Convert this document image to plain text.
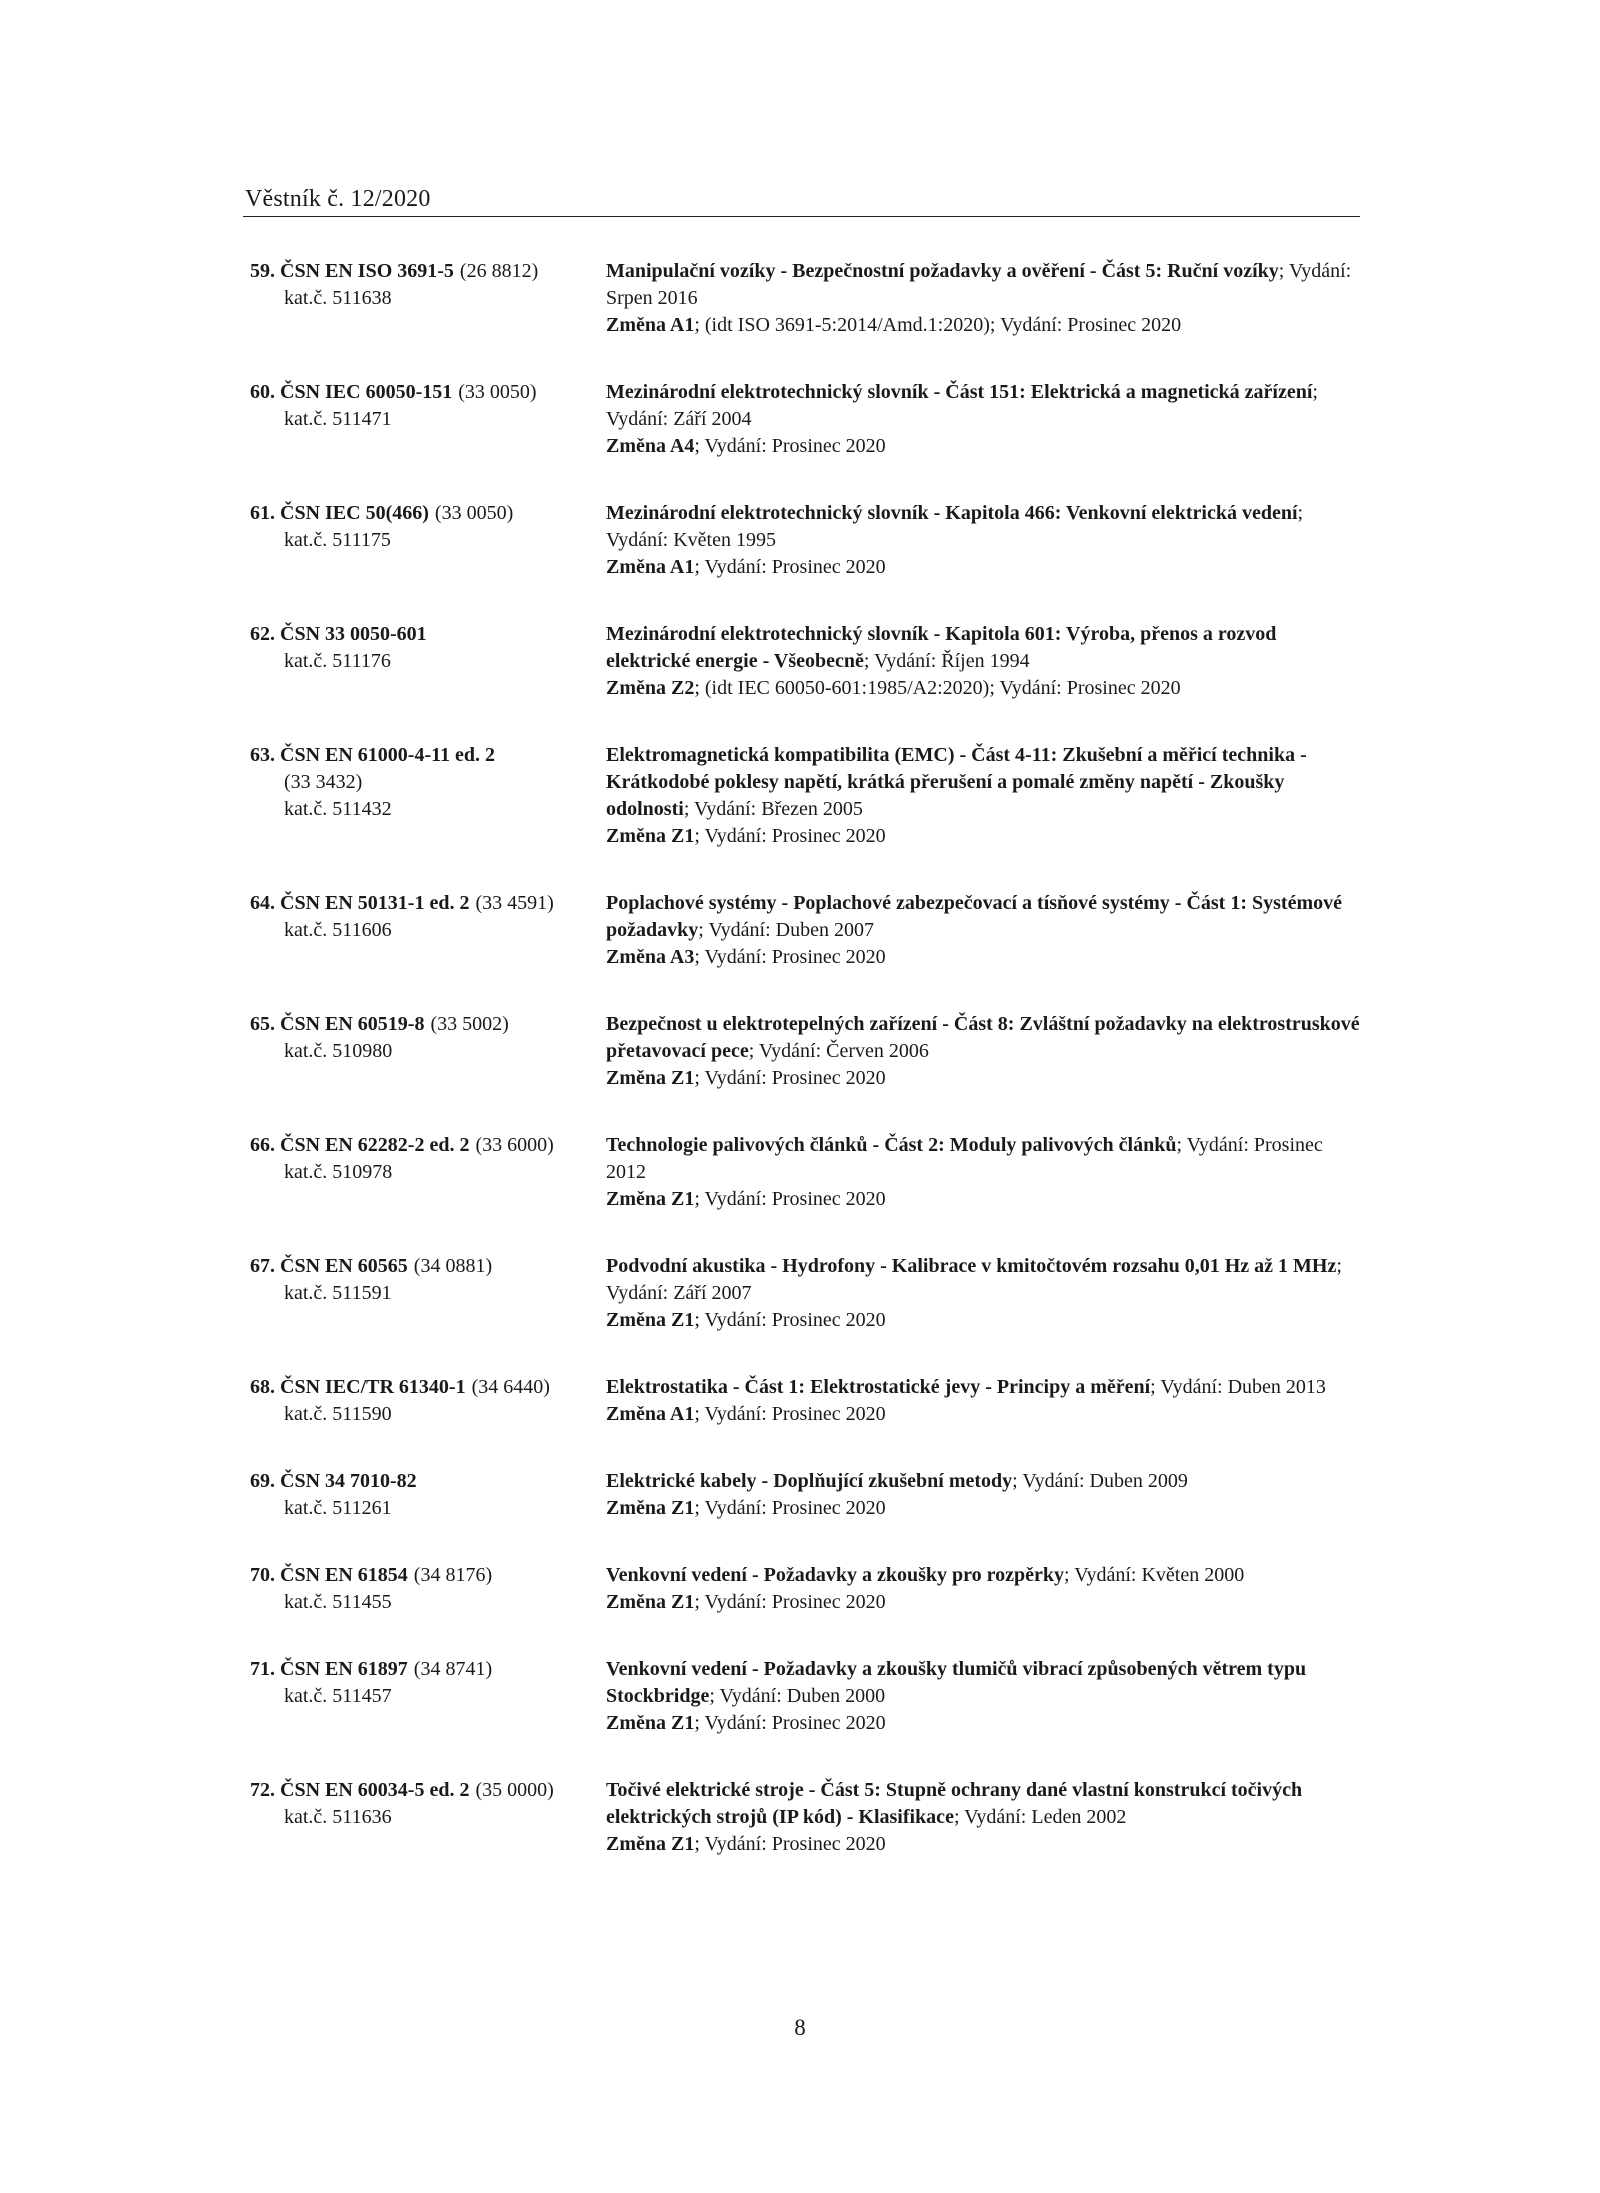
Věstník č. 12/2020
59. ČSN EN ISO 3691-5 (26 8812)
kat.č. 511638
Manipulační vozíky - Bezpečnostní požadavky a ověření - Část 5: Ruční vozíky; Vydání: Srpen 2016
Změna A1; (idt ISO 3691-5:2014/Amd.1:2020); Vydání: Prosinec 2020
60. ČSN IEC 60050-151 (33 0050)
kat.č. 511471
Mezinárodní elektrotechnický slovník - Část 151: Elektrická a magnetická zařízení; Vydání: Září 2004
Změna A4; Vydání: Prosinec 2020
61. ČSN IEC 50(466) (33 0050)
kat.č. 511175
Mezinárodní elektrotechnický slovník - Kapitola 466: Venkovní elektrická vedení; Vydání: Květen 1995
Změna A1; Vydání: Prosinec 2020
62. ČSN 33 0050-601
kat.č. 511176
Mezinárodní elektrotechnický slovník - Kapitola 601: Výroba, přenos a rozvod elektrické energie - Všeobecně; Vydání: Říjen 1994
Změna Z2; (idt IEC 60050-601:1985/A2:2020); Vydání: Prosinec 2020
63. ČSN EN 61000-4-11 ed. 2
(33 3432)
kat.č. 511432
Elektromagnetická kompatibilita (EMC) - Část 4-11: Zkušební a měřicí technika - Krátkodobé poklesy napětí, krátká přerušení a pomalé změny napětí - Zkoušky odolnosti; Vydání: Březen 2005
Změna Z1; Vydání: Prosinec 2020
64. ČSN EN 50131-1 ed. 2 (33 4591)
kat.č. 511606
Poplachové systémy - Poplachové zabezpečovací a tísňové systémy - Část 1: Systémové požadavky; Vydání: Duben 2007
Změna A3; Vydání: Prosinec 2020
65. ČSN EN 60519-8 (33 5002)
kat.č. 510980
Bezpečnost u elektrotepelných zařízení - Část 8: Zvláštní požadavky na elektrostruskové přetavovací pece; Vydání: Červen 2006
Změna Z1; Vydání: Prosinec 2020
66. ČSN EN 62282-2 ed. 2 (33 6000)
kat.č. 510978
Technologie palivových článků - Část 2: Moduly palivových článků; Vydání: Prosinec 2012
Změna Z1; Vydání: Prosinec 2020
67. ČSN EN 60565 (34 0881)
kat.č. 511591
Podvodní akustika - Hydrofony - Kalibrace v kmitočtovém rozsahu 0,01 Hz až 1 MHz; Vydání: Září 2007
Změna Z1; Vydání: Prosinec 2020
68. ČSN IEC/TR 61340-1 (34 6440)
kat.č. 511590
Elektrostatika - Část 1: Elektrostatické jevy - Principy a měření; Vydání: Duben 2013
Změna A1; Vydání: Prosinec 2020
69. ČSN 34 7010-82
kat.č. 511261
Elektrické kabely - Doplňující zkušební metody; Vydání: Duben 2009
Změna Z1; Vydání: Prosinec 2020
70. ČSN EN 61854 (34 8176)
kat.č. 511455
Venkovní vedení - Požadavky a zkoušky pro rozpěrky; Vydání: Květen 2000
Změna Z1; Vydání: Prosinec 2020
71. ČSN EN 61897 (34 8741)
kat.č. 511457
Venkovní vedení - Požadavky a zkoušky tlumičů vibrací způsobených větrem typu Stockbridge; Vydání: Duben 2000
Změna Z1; Vydání: Prosinec 2020
72. ČSN EN 60034-5 ed. 2 (35 0000)
kat.č. 511636
Točivé elektrické stroje - Část 5: Stupně ochrany dané vlastní konstrukcí točivých elektrických strojů (IP kód) - Klasifikace; Vydání: Leden 2002
Změna Z1; Vydání: Prosinec 2020
8
